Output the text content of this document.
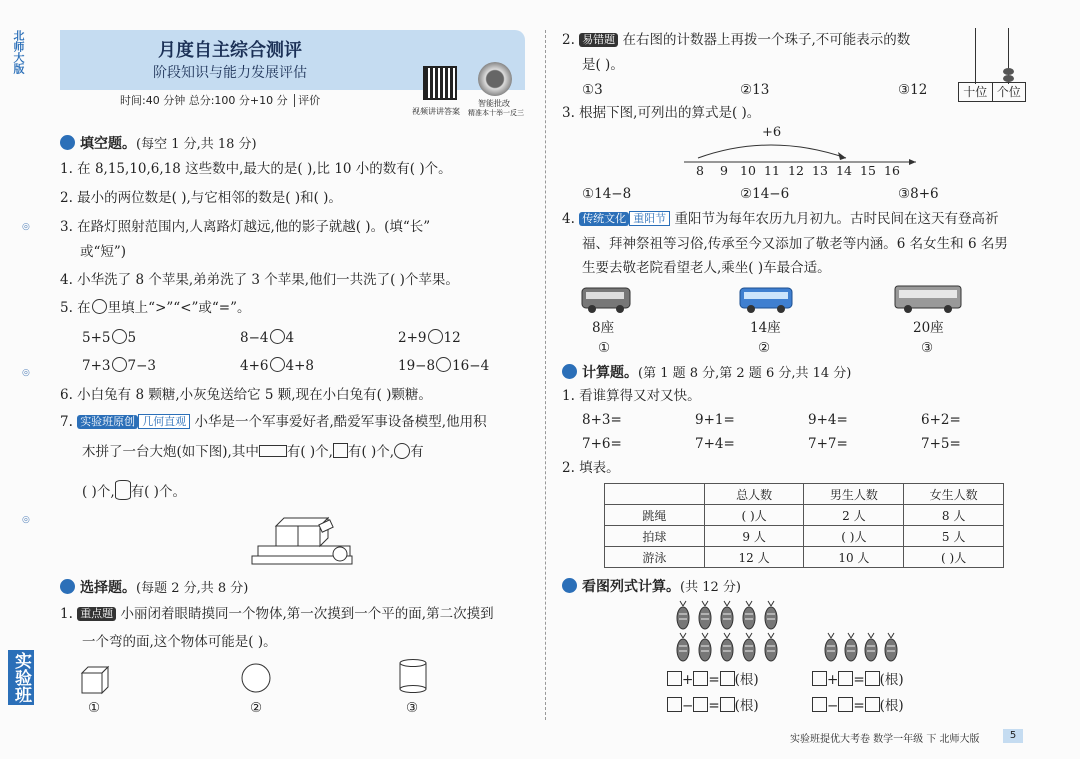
北师大版
◎
◎
◎
实验班
月度自主综合测评
阶段知识与能力发展评估
时间:40 分钟 总分:100 分+10 分 评价
视频讲讲答案
智能批改
精准本十举一反三
填空题。(每空 1 分,共 18 分)
1. 在 8,15,10,6,18 这些数中,最大的是( ),比 10 小的数有( )个。
2. 最小的两位数是( ),与它相邻的数是( )和( )。
3. 在路灯照射范围内,人离路灯越远,他的影子就越( )。(填“长”
或“短”)
4. 小华洗了 8 个苹果,弟弟洗了 3 个苹果,他们一共洗了( )个苹果。
5. 在 里填上“>”“<”或“=”。
5+5 5	8−4 4	2+9 12
7+3 7−3	4+6 4+8	19−8 16−4
6. 小白兔有 8 颗糖,小灰兔送给它 5 颗,现在小白兔有( )颗糖。
7. 实验班原创 几何直观 小华是一个军事爱好者,酷爱军事设备模型,他用积
木拼了一台大炮(如下图),其中 有( )个, 有( )个, 有
( )个, 有( )个。
选择题。(每题 2 分,共 8 分)
1. 重点题 小丽闭着眼睛摸同一个物体,第一次摸到一个平的面,第二次摸到
一个弯的面,这个物体可能是( )。
①	②	③
2. 易错题 在右图的计数器上再拨一个珠子,不可能表示的数
是( )。
①3	②13	③12	十位 个位
3. 根据下图,可列出的算式是( )。
+6
8 9 10 11 12 13 14 15 16
①14−8	②14−6	③8+6
4. 传统文化 重阳节 重阳节为每年农历九月初九。古时民间在这天有登高祈
福、拜神祭祖等习俗,传承至今又添加了敬老等内涵。6 名女生和 6 名男
生要去敬老院看望老人,乘坐( )车最合适。
8座	14座	20座
①	②	③
计算题。(第 1 题 8 分,第 2 题 6 分,共 14 分)
1. 看谁算得又对又快。
8+3=	9+1=	9+4=	6+2=
7+6=	7+4=	7+7=	7+5=
2. 填表。
	总人数	男生人数	女生人数
跳绳	( )人	2 人	8 人
拍球	9 人	( )人	5 人
游泳	12 人	10 人	( )人
看图列式计算。(共 12 分)
+ = (根)
− = (根)
+ = (根)
− = (根)
实验班提优大考卷 数学一年级 下 北师大版	5
